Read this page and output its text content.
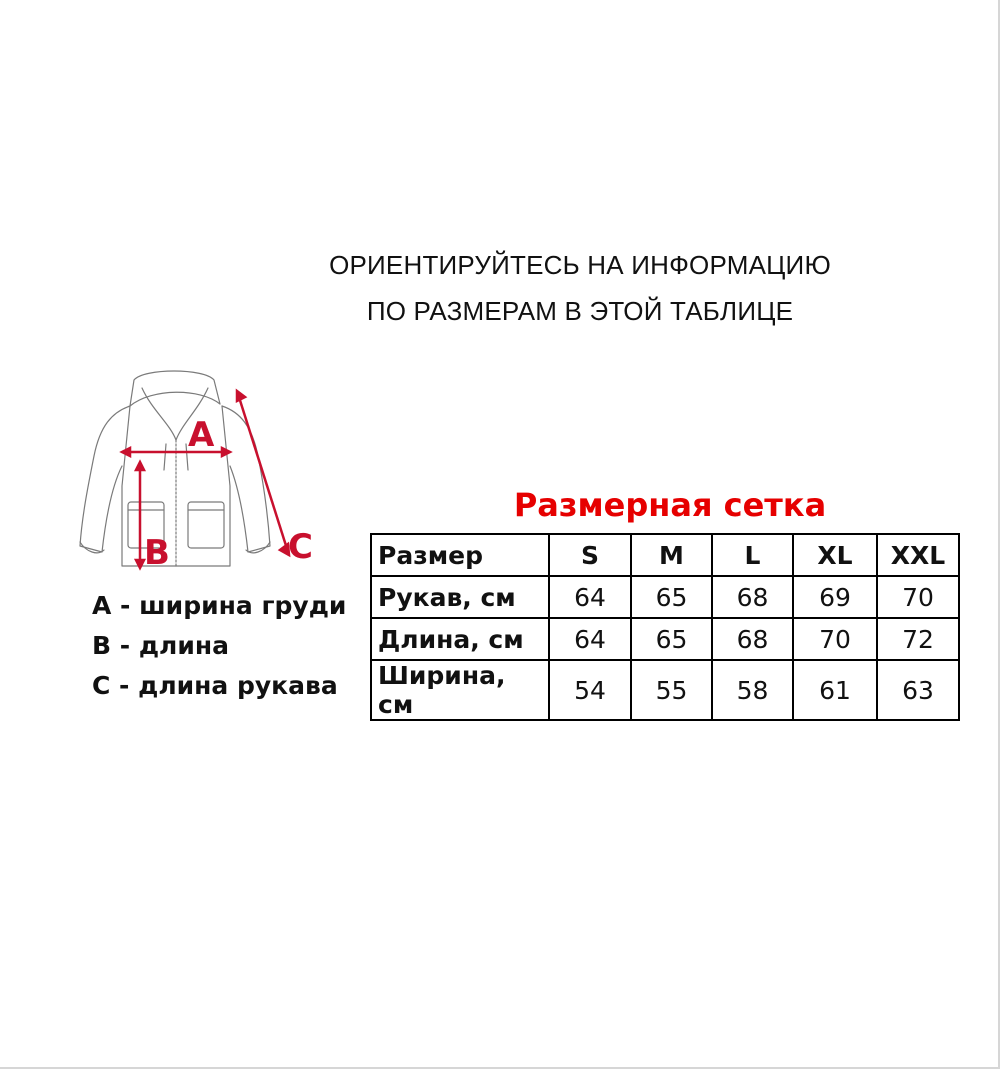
ОРИЕНТИРУЙТЕСЬ НА ИНФОРМАЦИЮ
ПО РАЗМЕРАМ В ЭТОЙ ТАБЛИЦЕ
A
B	C
A - ширина груди
B - длина
C - длина рукава
Размерная сетка
Размер	S	M	L	XL	XXL
Рукав, см	64	65	68	69	70
Длина, см	64	65	68	70	72
Ширина, см	54	55	58	61	63
